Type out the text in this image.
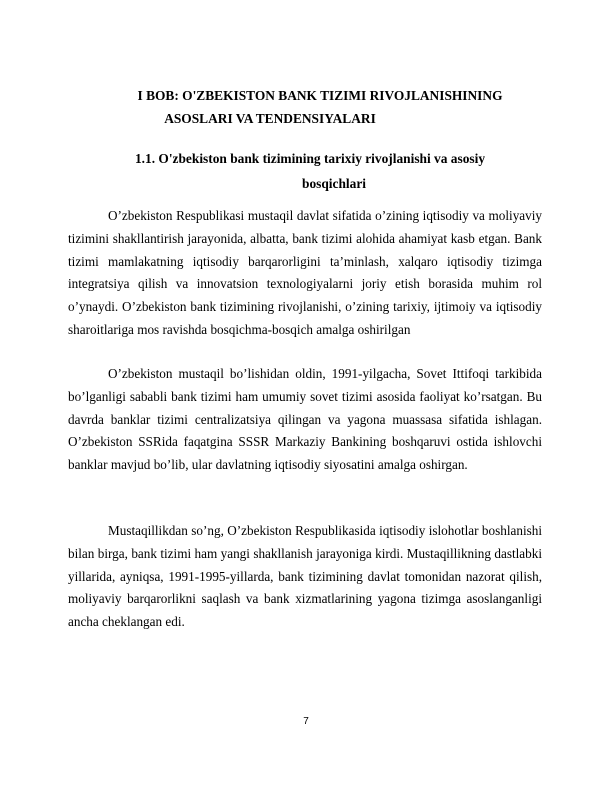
I BOB: O'ZBEKISTON BANK TIZIMI RIVOJLANISHINING
ASOSLARI VA TENDENSIYALARI
1.1. O'zbekiston bank tizimining tarixiy rivojlanishi va asosiy
bosqichlari

O’zbekiston Respublikasi mustaqil davlat sifatida o’zining iqtisodiy va moliyaviy tizimini shakllantirish jarayonida, albatta, bank tizimi alohida ahamiyat kasb etgan. Bank tizimi mamlakatning iqtisodiy barqarorligini ta’minlash, xalqaro iqtisodiy tizimga integratsiya qilish va innovatsion texnologiyalarni joriy etish borasida muhim rol o’ynaydi. O’zbekiston bank tizimining rivojlanishi, o’zining tarixiy, ijtimoiy va iqtisodiy sharoitlariga mos ravishda bosqichma-bosqich amalga oshirilgan

O’zbekiston mustaqil bo’lishidan oldin, 1991-yilgacha, Sovet Ittifoqi tarkibida bo’lganligi sababli bank tizimi ham umumiy sovet tizimi asosida faoliyat ko’rsatgan. Bu davrda banklar tizimi centralizatsiya qilingan va yagona muassasa sifatida ishlagan. O’zbekiston SSRida faqatgina SSSR Markaziy Bankining boshqaruvi ostida ishlovchi banklar mavjud bo’lib, ular davlatning iqtisodiy siyosatini amalga oshirgan.

Mustaqillikdan so’ng, O’zbekiston Respublikasida iqtisodiy islohotlar boshlanishi bilan birga, bank tizimi ham yangi shakllanish jarayoniga kirdi. Mustaqillikning dastlabki yillarida, ayniqsa, 1991-1995-yillarda, bank tizimining davlat tomonidan nazorat qilish, moliyaviy barqarorlikni saqlash va bank xizmatlarining yagona tizimga asoslanganligi ancha cheklangan edi.

7
